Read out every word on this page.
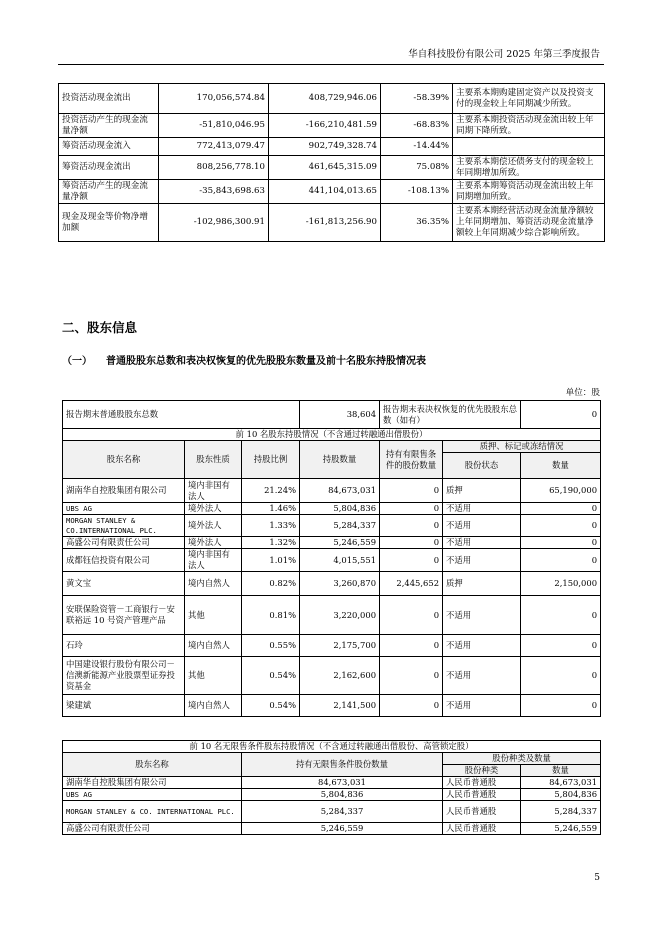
华自科技股份有限公司 2025 年第三季度报告
投资活动现金流出	170,056,574.84	408,729,946.06	-58.39%	主要系本期购建固定资产以及投资支付的现金较上年同期减少所致。
投资活动产生的现金流量净额	-51,810,046.95	-166,210,481.59	-68.83%	主要系本期投资活动现金流出较上年同期下降所致。
筹资活动现金流入	772,413,079.47	902,749,328.74	-14.44%	
筹资活动现金流出	808,256,778.10	461,645,315.09	75.08%	主要系本期偿还债务支付的现金较上年同期增加所致。
筹资活动产生的现金流量净额	-35,843,698.63	441,104,013.65	-108.13%	主要系本期筹资活动现金流出较上年同期增加所致。
现金及现金等价物净增加额	-102,986,300.91	-161,813,256.90	36.35%	主要系本期经营活动现金流量净额较上年同期增加、筹资活动现金流量净额较上年同期减少综合影响所致。
二、股东信息
（一） 普通股股东总数和表决权恢复的优先股股东数量及前十名股东持股情况表
单位：股
报告期末普通股股东总数			38,604	报告期末表决权恢复的优先股股东总数（如有）		0
前 10 名股东持股情况（不含通过转融通出借股份）						
股东名称	股东性质	持股比例	持股数量	持有有限售条件的股份数量	质押、标记或冻结情况	
					股份状态	数量
湖南华自控股集团有限公司	境内非国有法人	21.24%	84,673,031	0	质押	65,190,000
UBS AG	境外法人	1.46%	5,804,836	0	不适用	0
MORGAN STANLEY & CO.INTERNATIONAL PLC.	境外法人	1.33%	5,284,337	0	不适用	0
高盛公司有限责任公司	境外法人	1.32%	5,246,559	0	不适用	0
成都钰信投资有限公司	境内非国有法人	1.01%	4,015,551	0	不适用	0
黄文宝	境内自然人	0.82%	3,260,870	2,445,652	质押	2,150,000
安联保险资管－工商银行－安联裕远 10 号资产管理产品	其他	0.81%	3,220,000	0	不适用	0
石玲	境内自然人	0.55%	2,175,700	0	不适用	0
中国建设银行股份有限公司－信澳新能源产业股票型证券投资基金	其他	0.54%	2,162,600	0	不适用	0
梁建斌	境内自然人	0.54%	2,141,500	0	不适用	0
前 10 名无限售条件股东持股情况（不含通过转融通出借股份、高管锁定股）			
股东名称	持有无限售条件股份数量	股份种类及数量	
		股份种类	数量
湖南华自控股集团有限公司	84,673,031	人民币普通股	84,673,031
UBS AG	5,804,836	人民币普通股	5,804,836
MORGAN STANLEY & CO. INTERNATIONAL PLC.	5,284,337	人民币普通股	5,284,337
高盛公司有限责任公司	5,246,559	人民币普通股	5,246,559
5
